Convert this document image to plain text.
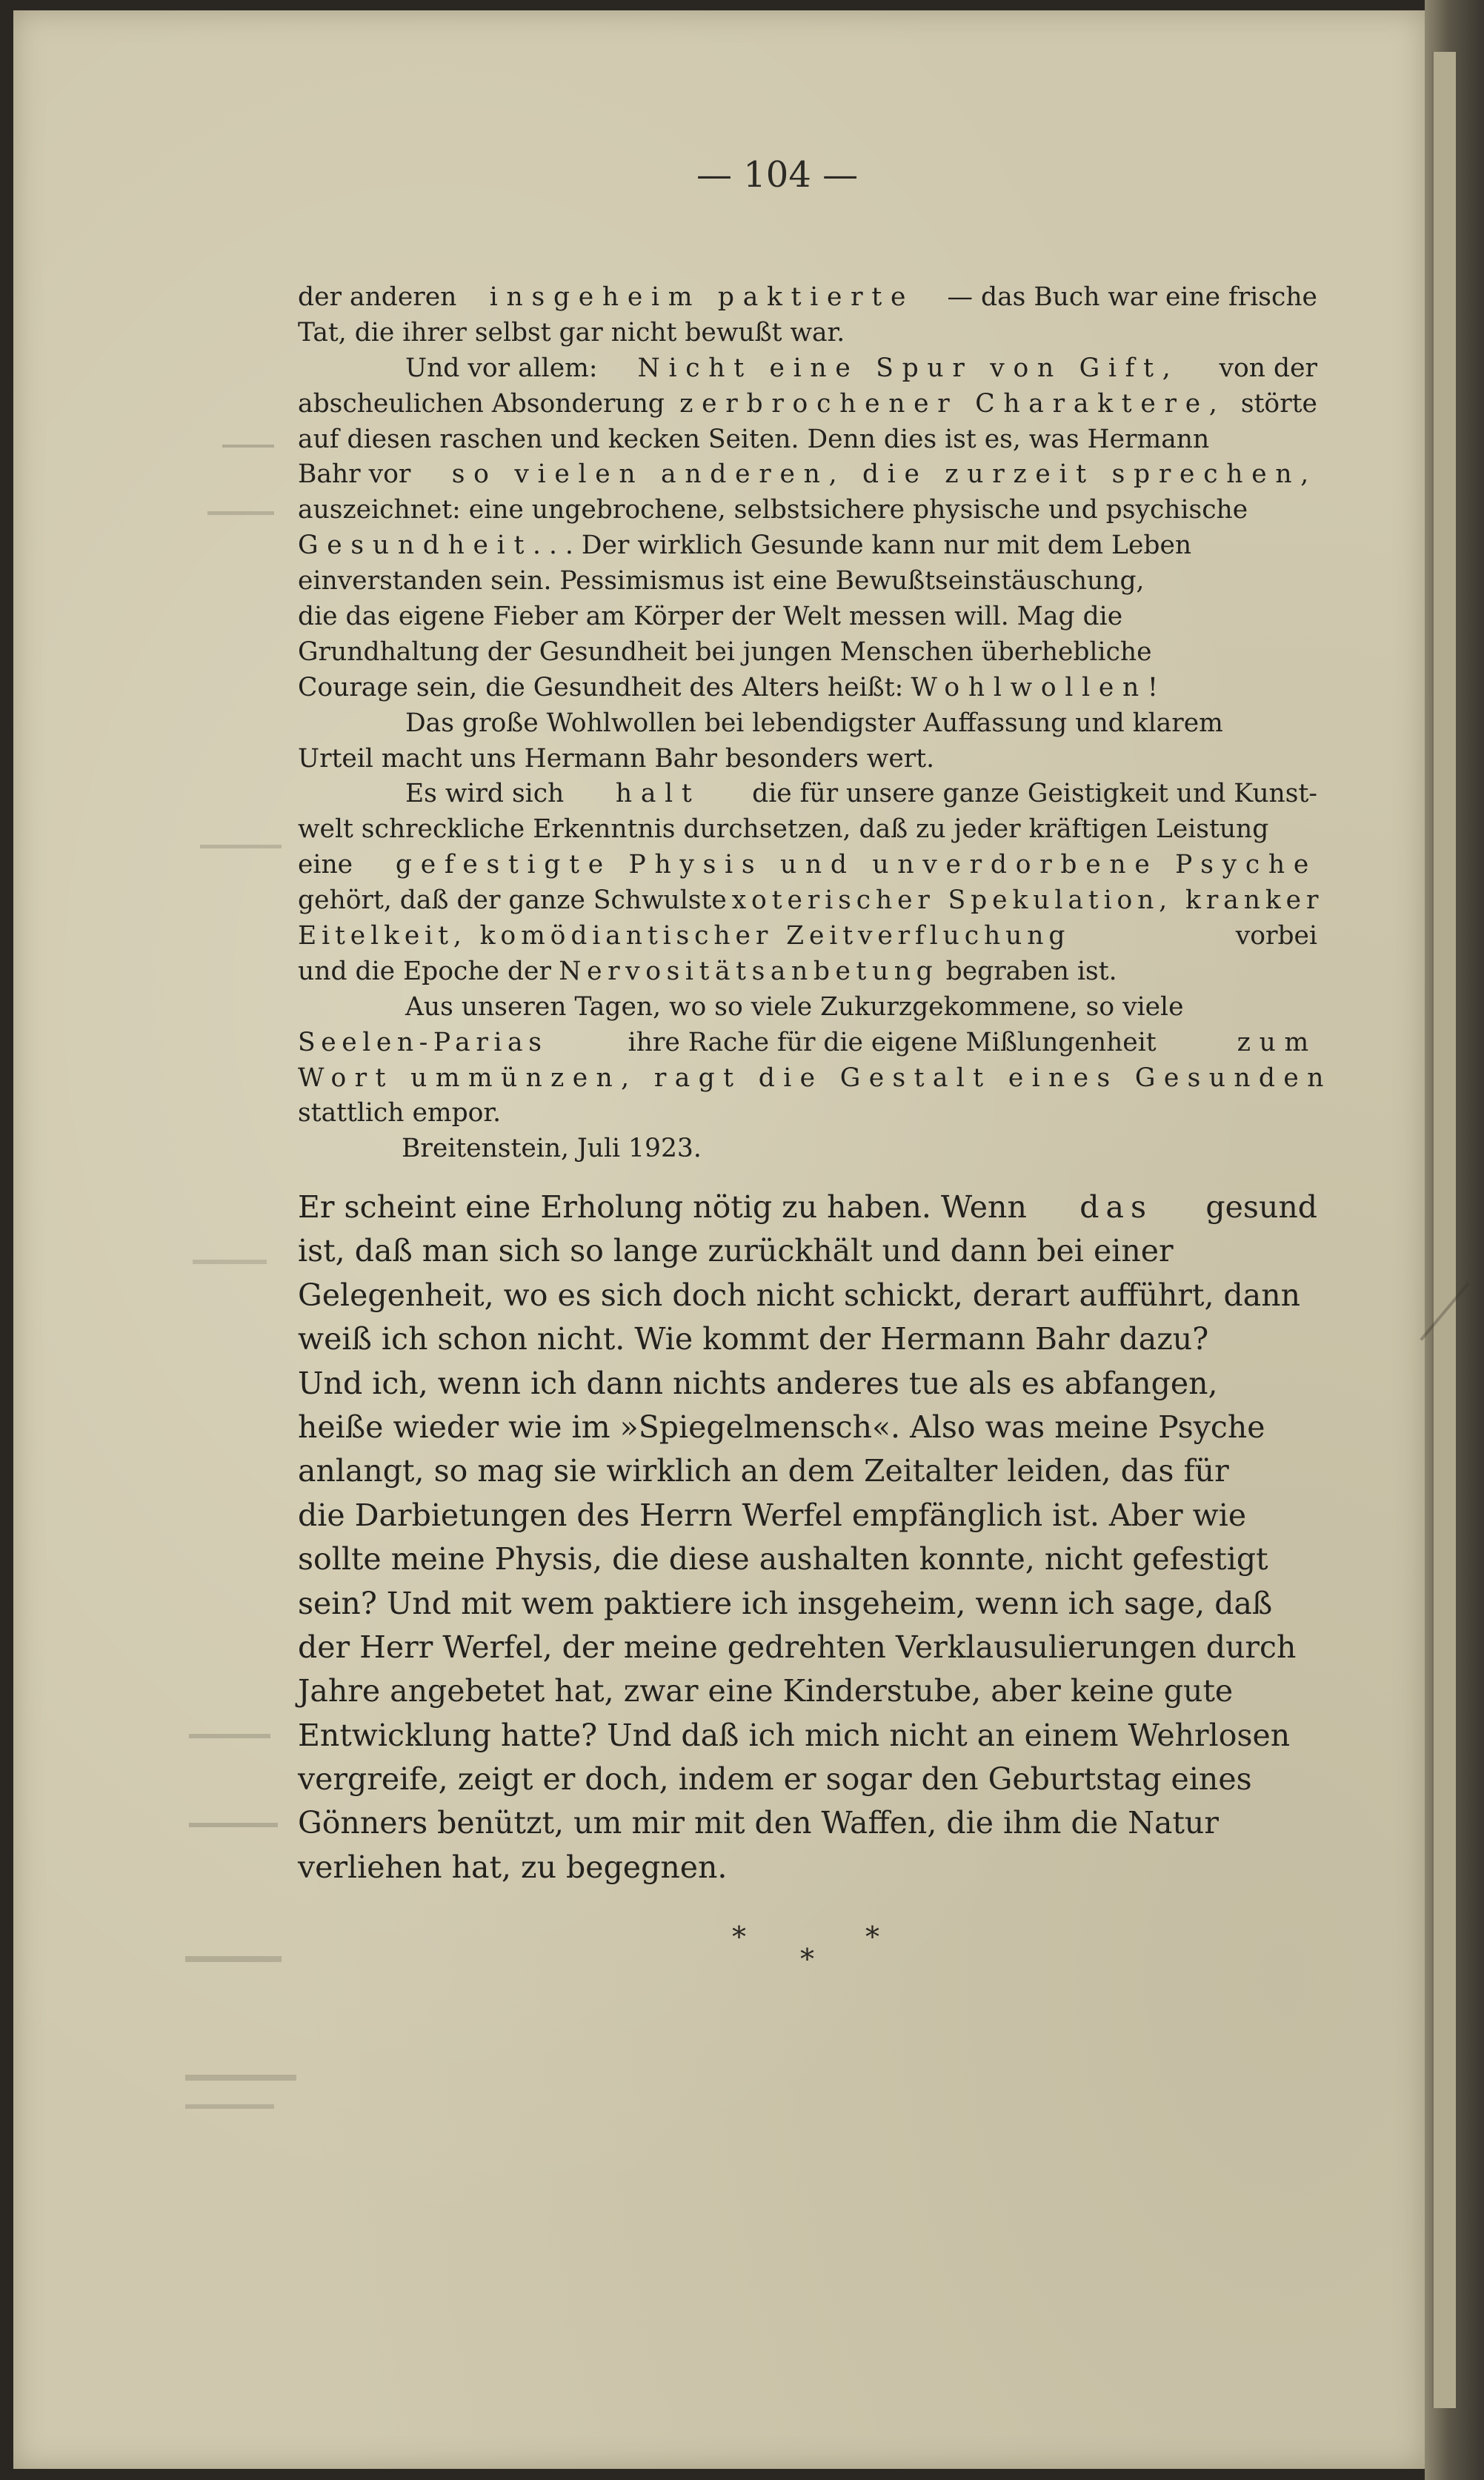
— 104 —
der anderen insgeheim paktierte — das Buch war eine frische
Tat, die ihrer selbst gar nicht bewußt war.
Und vor allem: Nicht eine Spur von Gift, von der
abscheulichen Absonderung zerbrochener Charaktere, störte
auf diesen raschen und kecken Seiten. Denn dies ist es, was Hermann
Bahr vor so vielen anderen, die zurzeit sprechen,
auszeichnet: eine ungebrochene, selbstsichere physische und psychische
Gesundheit. . . Der wirklich Gesunde kann nur mit dem Leben
einverstanden sein. Pessimismus ist eine Bewußtseinstäuschung,
die das eigene Fieber am Körper der Welt messen will. Mag die
Grundhaltung der Gesundheit bei jungen Menschen überhebliche
Courage sein, die Gesundheit des Alters heißt: Wohlwollen!
Das große Wohlwollen bei lebendigster Auffassung und klarem
Urteil macht uns Hermann Bahr besonders wert.
Es wird sich halt die für unsere ganze Geistigkeit und Kunst-
welt schreckliche Erkenntnis durchsetzen, daß zu jeder kräftigen Leistung
eine gefestigte Physis und unverdorbene Psyche
gehört, daß der ganze Schwulst exoterischer Spekulation, kranker
Eitelkeit, komödiantischer Zeitverfluchung	vorbei
und die Epoche der Nervositätsanbetung begraben ist.
Aus unseren Tagen, wo so viele Zukurzgekommene, so viele
Seelen-Parias	ihre Rache für die eigene Mißlungenheit	zum
Wort ummünzen, ragt die Gestalt eines Gesunden
stattlich empor.
Breitenstein, Juli 1923.
Er scheint eine Erholung nötig zu haben. Wenn das gesund
ist, daß man sich so lange zurückhält und dann bei einer
Gelegenheit, wo es sich doch nicht schickt, derart aufführt, dann
weiß ich schon nicht. Wie kommt der Hermann Bahr dazu?
Und ich, wenn ich dann nichts anderes tue als es abfangen,
heiße wieder wie im »Spiegelmensch«. Also was meine Psyche
anlangt, so mag sie wirklich an dem Zeitalter leiden, das für
die Darbietungen des Herrn Werfel empfänglich ist. Aber wie
sollte meine Physis, die diese aushalten konnte, nicht gefestigt
sein? Und mit wem paktiere ich insgeheim, wenn ich sage, daß
der Herr Werfel, der meine gedrehten Verklausulierungen durch
Jahre angebetet hat, zwar eine Kinderstube, aber keine gute
Entwicklung hatte? Und daß ich mich nicht an einem Wehrlosen
vergreife, zeigt er doch, indem er sogar den Geburtstag eines
Gönners benützt, um mir mit den Waffen, die ihm die Natur
verliehen hat, zu begegnen.
*	*
*
